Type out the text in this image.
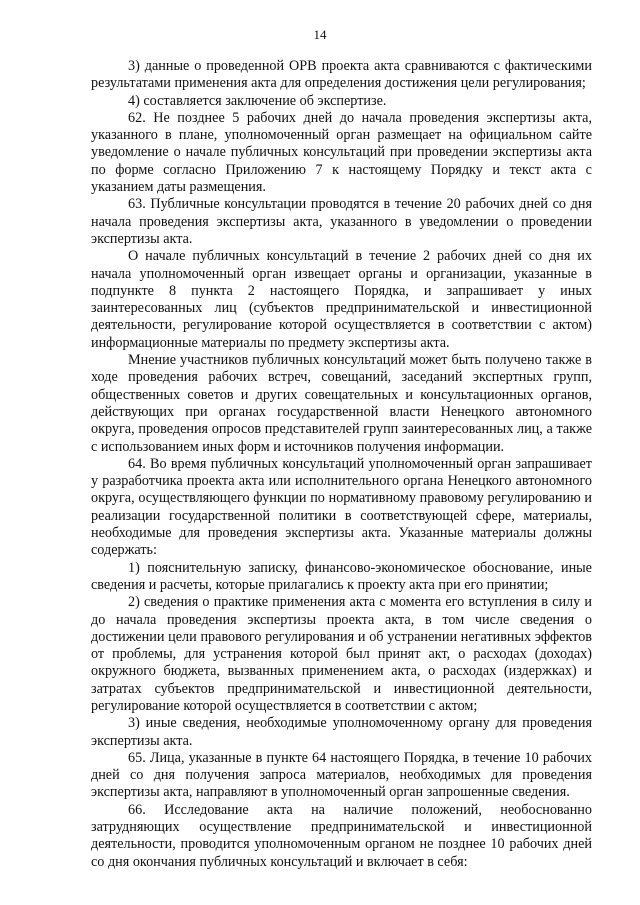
14

3) данные о проведенной ОРВ проекта акта сравниваются с фактическими результатами применения акта для определения достижения цели регулирования;

4) составляется заключение об экспертизе.

62. Не позднее 5 рабочих дней до начала проведения экспертизы акта, указанного в плане, уполномоченный орган размещает на официальном сайте уведомление о начале публичных консультаций при проведении экспертизы акта по форме согласно Приложению 7 к настоящему Порядку и текст акта с указанием даты размещения.

63. Публичные консультации проводятся в течение 20 рабочих дней со дня начала проведения экспертизы акта, указанного в уведомлении о проведении экспертизы акта.

О начале публичных консультаций в течение 2 рабочих дней со дня их начала уполномоченный орган извещает органы и организации, указанные в подпункте 8 пункта 2 настоящего Порядка, и запрашивает у иных заинтересованных лиц (субъектов предпринимательской и инвестиционной деятельности, регулирование которой осуществляется в соответствии с актом) информационные материалы по предмету экспертизы акта.

Мнение участников публичных консультаций может быть получено также в ходе проведения рабочих встреч, совещаний, заседаний экспертных групп, общественных советов и других совещательных и консультационных органов, действующих при органах государственной власти Ненецкого автономного округа, проведения опросов представителей групп заинтересованных лиц, а также с использованием иных форм и источников получения информации.

64. Во время публичных консультаций уполномоченный орган запрашивает у разработчика проекта акта или исполнительного органа Ненецкого автономного округа, осуществляющего функции по нормативному правовому регулированию и реализации государственной политики в соответствующей сфере, материалы, необходимые для проведения экспертизы акта. Указанные материалы должны содержать:

1) пояснительную записку, финансово-экономическое обоснование, иные сведения и расчеты, которые прилагались к проекту акта при его принятии;

2) сведения о практике применения акта с момента его вступления в силу и до начала проведения экспертизы проекта акта, в том числе сведения о достижении цели правового регулирования и об устранении негативных эффектов от проблемы, для устранения которой был принят акт, о расходах (доходах) окружного бюджета, вызванных применением акта, о расходах (издержках) и затратах субъектов предпринимательской и инвестиционной деятельности, регулирование которой осуществляется в соответствии с актом;

3) иные сведения, необходимые уполномоченному органу для проведения экспертизы акта.

65. Лица, указанные в пункте 64 настоящего Порядка, в течение 10 рабочих дней со дня получения запроса материалов, необходимых для проведения экспертизы акта, направляют в уполномоченный орган запрошенные сведения.

66. Исследование акта на наличие положений, необоснованно затрудняющих осуществление предпринимательской и инвестиционной деятельности, проводится уполномоченным органом не позднее 10 рабочих дней со дня окончания публичных консультаций и включает в себя:
